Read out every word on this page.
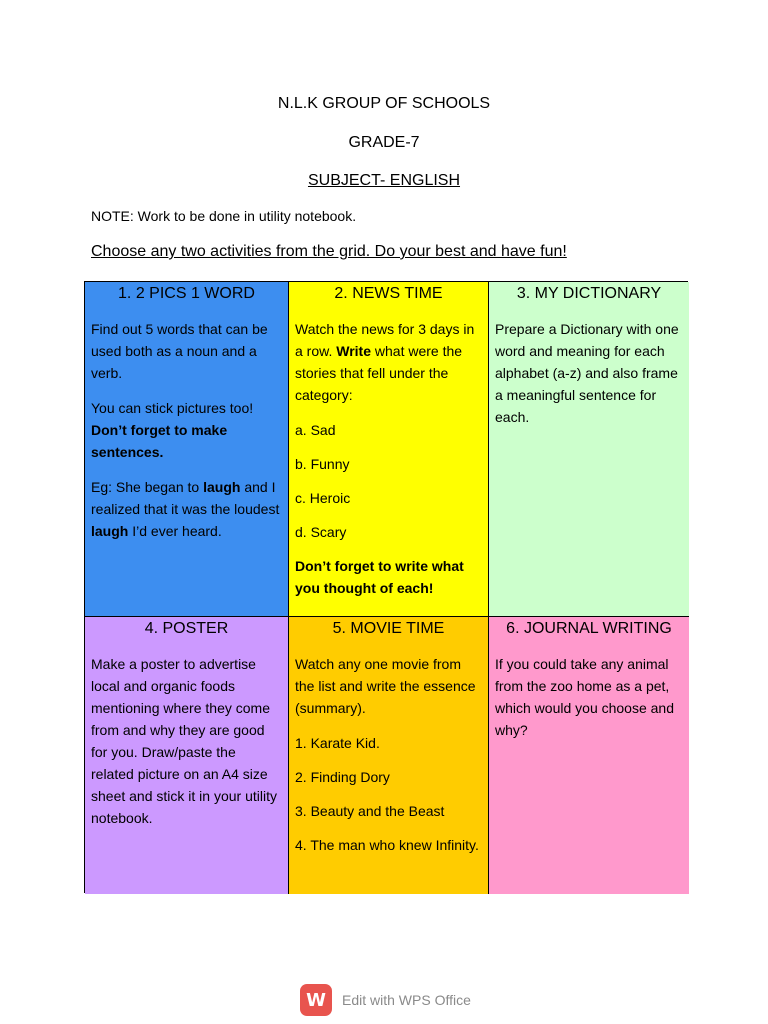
N.L.K GROUP OF SCHOOLS

GRADE-7

SUBJECT- ENGLISH

NOTE: Work to be done in utility notebook.
Choose any two activities from the grid. Do your best and have fun!
1. 2 PICS 1 WORD

Find out 5 words that can be used both as a noun and a verb.

You can stick pictures too! Don’t forget to make sentences.

Eg: She began to laugh and I realized that it was the loudest laugh I’d ever heard.

2. NEWS TIME

Watch the news for 3 days in a row. Write what were the stories that fell under the category:

a. Sad

b. Funny

c. Heroic

d. Scary

Don’t forget to write what you thought of each!

3. MY DICTIONARY

Prepare a Dictionary with one word and meaning for each alphabet (a-z) and also frame a meaningful sentence for each.

4. POSTER

Make a poster to advertise local and organic foods mentioning where they come from and why they are good for you. Draw/paste the related picture on an A4 size sheet and stick it in your utility notebook.

5. MOVIE TIME

Watch any one movie from the list and write the essence (summary).

1. Karate Kid.

2. Finding Dory

3. Beauty and the Beast

4. The man who knew Infinity.

6. JOURNAL WRITING

If you could take any animal from the zoo home as a pet, which would you choose and why?

W	Edit with WPS Office
